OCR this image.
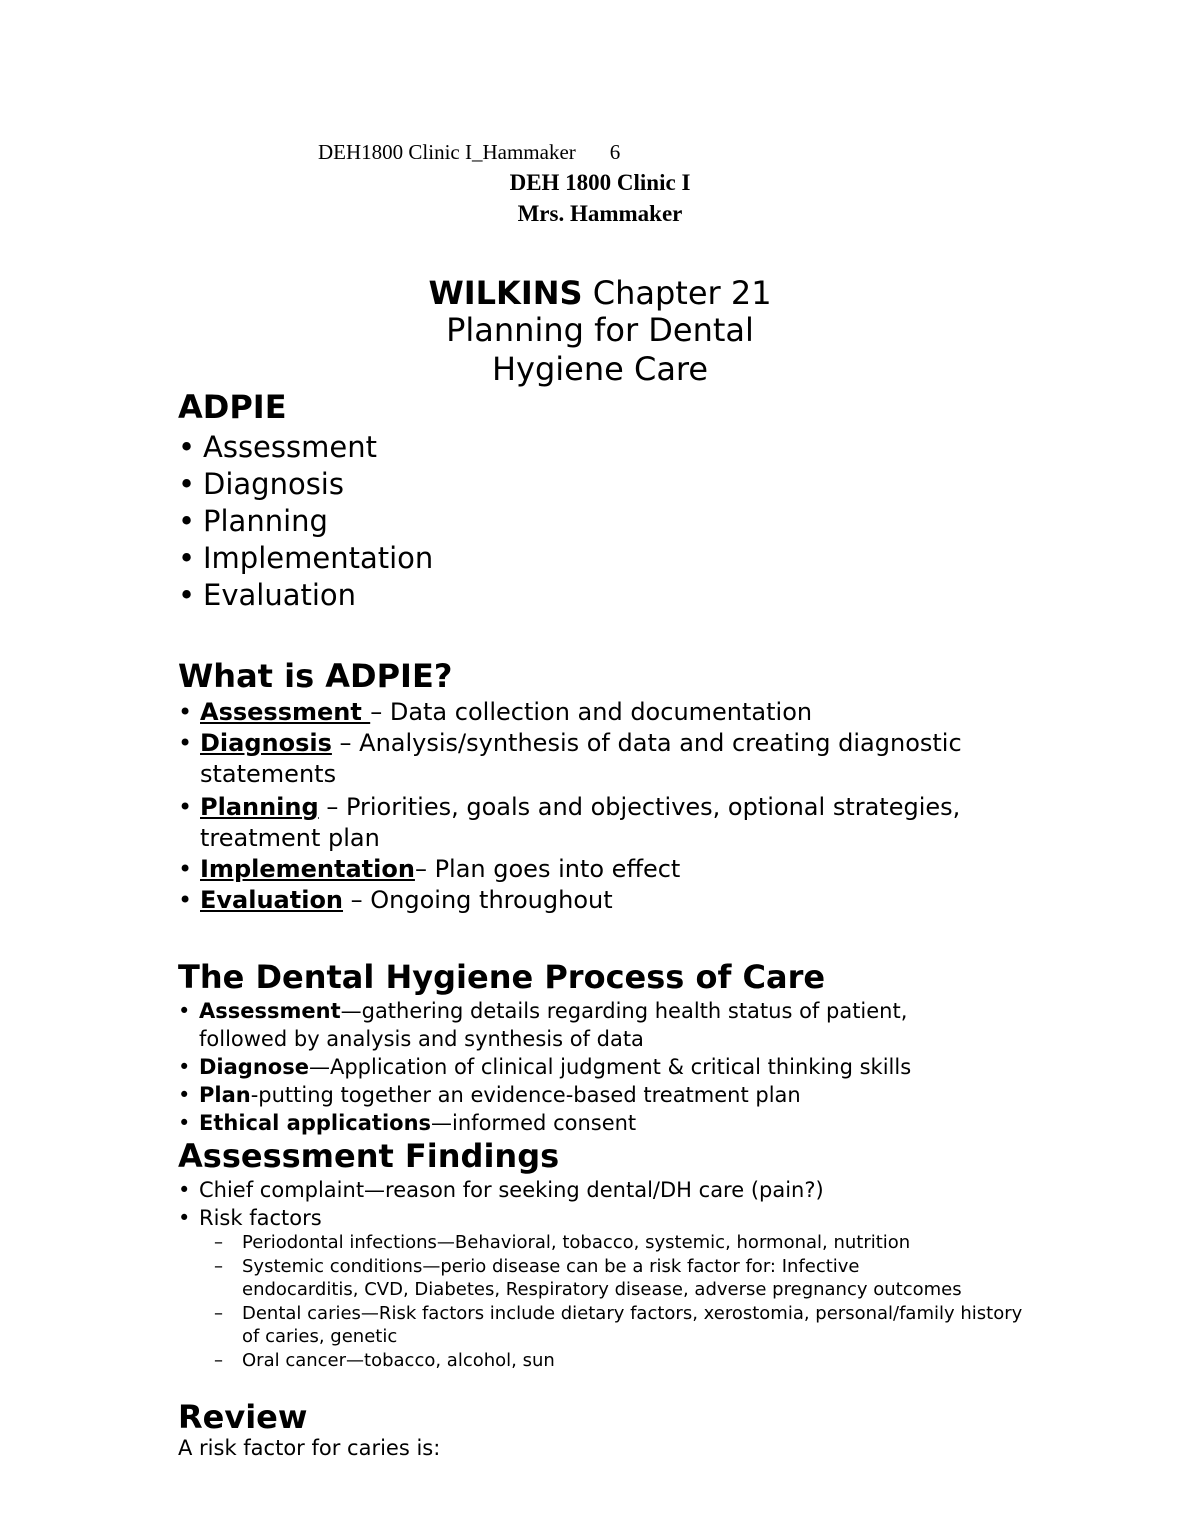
DEH1800 Clinic I_Hammaker 6
DEH 1800 Clinic I
Mrs. Hammaker
WILKINS Chapter 21
Planning for Dental
Hygiene Care
ADPIE
• Assessment
• Diagnosis
• Planning
• Implementation
• Evaluation
What is ADPIE?
• Assessment – Data collection and documentation
• Diagnosis – Analysis/synthesis of data and creating diagnostic statements
• Planning – Priorities, goals and objectives, optional strategies, treatment plan
• Implementation– Plan goes into effect
• Evaluation – Ongoing throughout
The Dental Hygiene Process of Care
• Assessment—gathering details regarding health status of patient,
followed by analysis and synthesis of data
• Diagnose—Application of clinical judgment & critical thinking skills
• Plan-putting together an evidence-based treatment plan
• Ethical applications—informed consent
Assessment Findings
• Chief complaint—reason for seeking dental/DH care (pain?)
• Risk factors
– Periodontal infections—Behavioral, tobacco, systemic, hormonal, nutrition
– Systemic conditions—perio disease can be a risk factor for: Infective endocarditis, CVD, Diabetes, Respiratory disease, adverse pregnancy outcomes
– Dental caries—Risk factors include dietary factors, xerostomia, personal/family history of caries, genetic
– Oral cancer—tobacco, alcohol, sun
Review
A risk factor for caries is:
